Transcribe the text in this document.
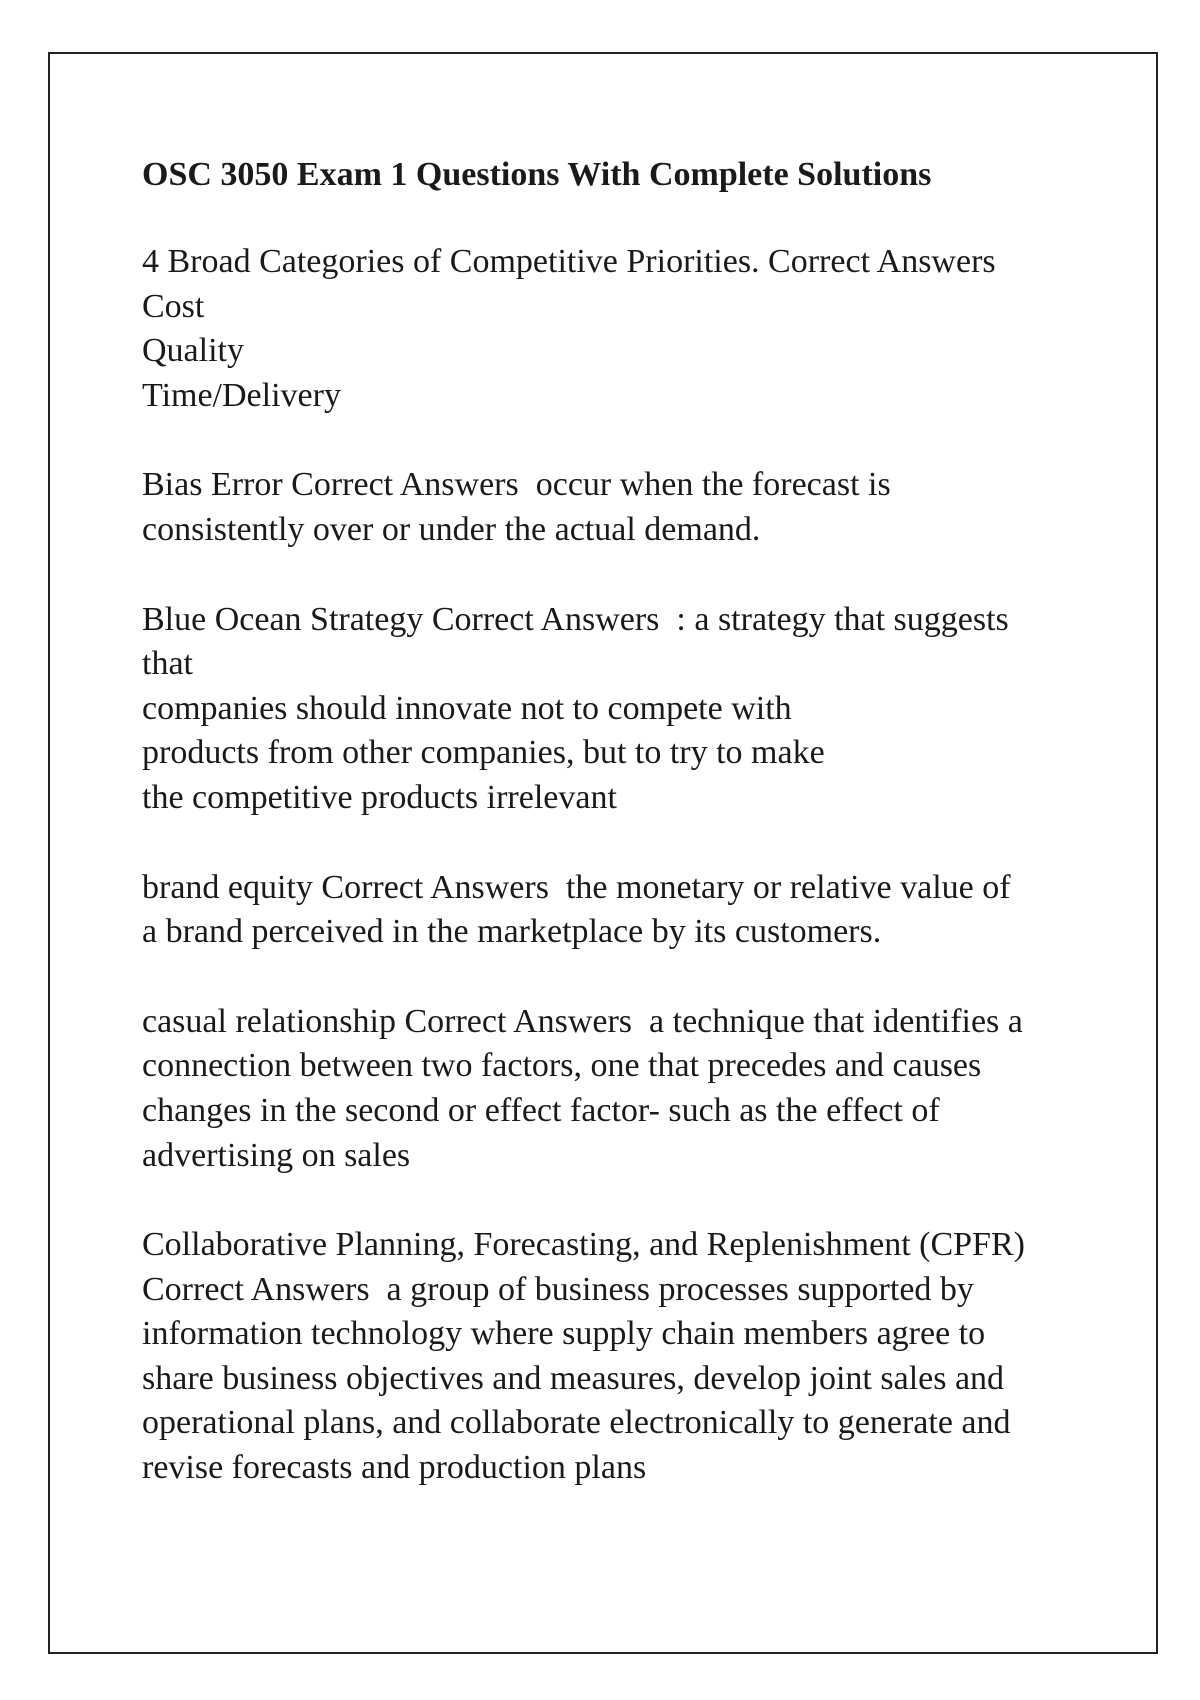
OSC 3050 Exam 1 Questions With Complete Solutions
4 Broad Categories of Competitive Priorities. Correct Answers
Cost
Quality
Time/Delivery
Bias Error Correct Answers  occur when the forecast is
consistently over or under the actual demand.
Blue Ocean Strategy Correct Answers  : a strategy that suggests
that
companies should innovate not to compete with
products from other companies, but to try to make
the competitive products irrelevant
brand equity Correct Answers  the monetary or relative value of
a brand perceived in the marketplace by its customers.
casual relationship Correct Answers  a technique that identifies a
connection between two factors, one that precedes and causes
changes in the second or effect factor- such as the effect of
advertising on sales
Collaborative Planning, Forecasting, and Replenishment (CPFR)
Correct Answers  a group of business processes supported by
information technology where supply chain members agree to
share business objectives and measures, develop joint sales and
operational plans, and collaborate electronically to generate and
revise forecasts and production plans
